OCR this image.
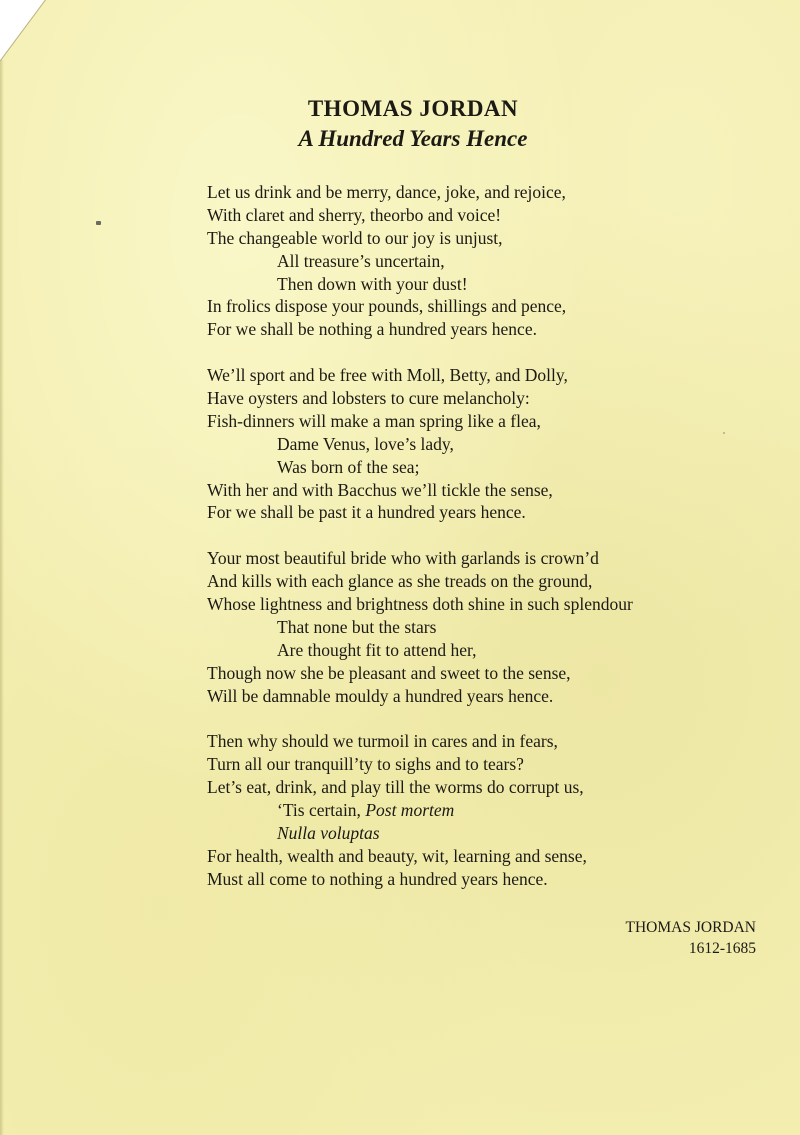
THOMAS JORDAN
A Hundred Years Hence
Let us drink and be merry, dance, joke, and rejoice,
With claret and sherry, theorbo and voice!
The changeable world to our joy is unjust,
All treasure’s uncertain,
Then down with your dust!
In frolics dispose your pounds, shillings and pence,
For we shall be nothing a hundred years hence.
We’ll sport and be free with Moll, Betty, and Dolly,
Have oysters and lobsters to cure melancholy:
Fish-dinners will make a man spring like a flea,
Dame Venus, love’s lady,
Was born of the sea;
With her and with Bacchus we’ll tickle the sense,
For we shall be past it a hundred years hence.
Your most beautiful bride who with garlands is crown’d
And kills with each glance as she treads on the ground,
Whose lightness and brightness doth shine in such splendour
That none but the stars
Are thought fit to attend her,
Though now she be pleasant and sweet to the sense,
Will be damnable mouldy a hundred years hence.
Then why should we turmoil in cares and in fears,
Turn all our tranquill’ty to sighs and to tears?
Let’s eat, drink, and play till the worms do corrupt us,
‘Tis certain, Post mortem
Nulla voluptas
For health, wealth and beauty, wit, learning and sense,
Must all come to nothing a hundred years hence.
THOMAS JORDAN
1612-1685
